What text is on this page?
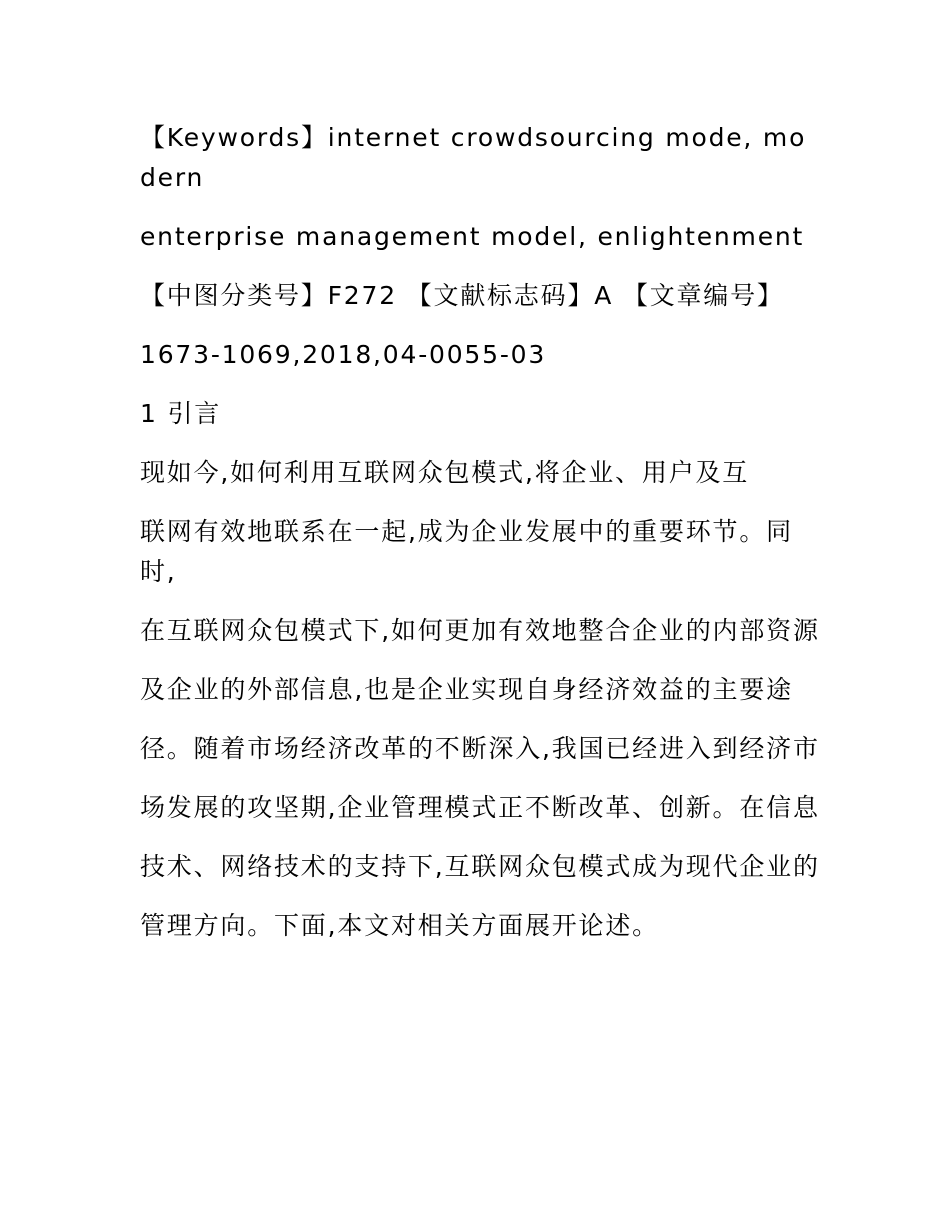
【Keywords】internet crowdsourcing mode, modern

enterprise management model, enlightenment

【中图分类号】F272 【文献标志码】A 【文章编号】

1673-1069,2018,04-0055-03

1 引言

现如今,如何利用互联网众包模式,将企业、用户及互

联网有效地联系在一起,成为企业发展中的重要环节。同时,

在互联网众包模式下,如何更加有效地整合企业的内部资源

及企业的外部信息,也是企业实现自身经济效益的主要途

径。随着市场经济改革的不断深入,我国已经进入到经济市

场发展的攻坚期,企业管理模式正不断改革、创新。在信息

技术、网络技术的支持下,互联网众包模式成为现代企业的

管理方向。下面,本文对相关方面展开论述。
